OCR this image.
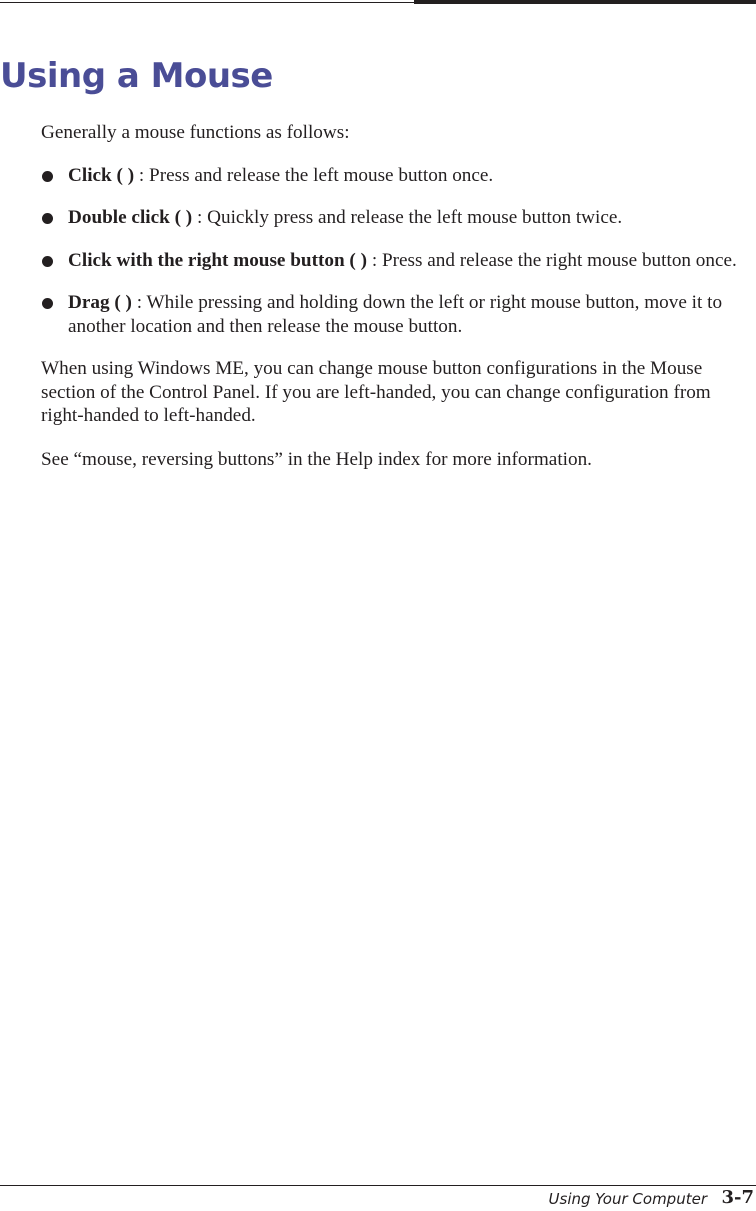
Using a Mouse

Generally a mouse functions as follows:

Click ( ) : Press and release the left mouse button once.
Double click ( ) : Quickly press and release the left mouse button twice.
Click with the right mouse button ( ) : Press and release the right mouse button once.
Drag ( ) : While pressing and holding down the left or right mouse button, move it to another location and then release the mouse button.

When using Windows ME, you can change mouse button configurations in the Mouse section of the Control Panel. If you are left-handed, you can change configuration from right-handed to left-handed.

See “mouse, reversing buttons” in the Help index for more information.

Using Your Computer 3-7
